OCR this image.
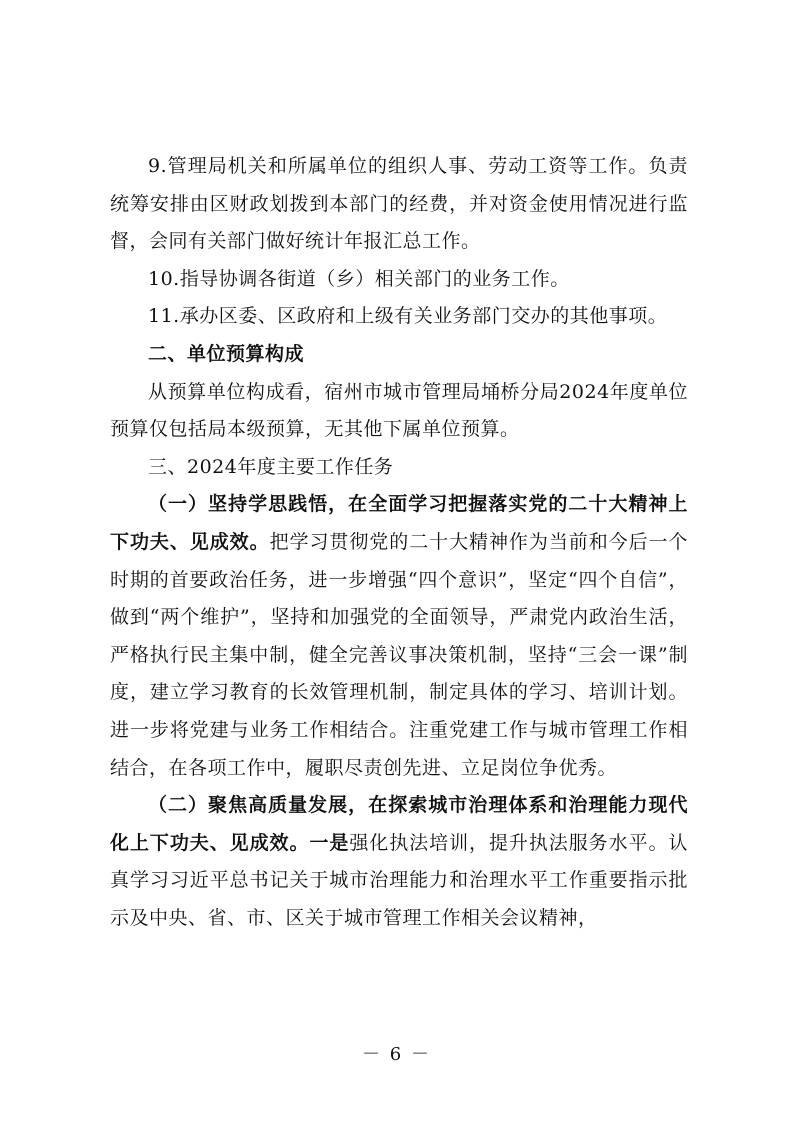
9.管理局机关和所属单位的组织人事、劳动工资等工作。负责统筹安排由区财政划拨到本部门的经费，并对资金使用情况进行监督，会同有关部门做好统计年报汇总工作。

10.指导协调各街道（乡）相关部门的业务工作。

11.承办区委、区政府和上级有关业务部门交办的其他事项。

二、单位预算构成

从预算单位构成看，宿州市城市管理局埇桥分局2024年度单位预算仅包括局本级预算，无其他下属单位预算。

三、2024年度主要工作任务

（一）坚持学思践悟，在全面学习把握落实党的二十大精神上下功夫、见成效。把学习贯彻党的二十大精神作为当前和今后一个时期的首要政治任务，进一步增强“四个意识”，坚定“四个自信”，做到“两个维护”，坚持和加强党的全面领导，严肃党内政治生活，严格执行民主集中制，健全完善议事决策机制，坚持“三会一课”制度，建立学习教育的长效管理机制，制定具体的学习、培训计划。进一步将党建与业务工作相结合。注重党建工作与城市管理工作相结合，在各项工作中，履职尽责创先进、立足岗位争优秀。

（二）聚焦高质量发展，在探索城市治理体系和治理能力现代化上下功夫、见成效。一是强化执法培训，提升执法服务水平。认真学习习近平总书记关于城市治理能力和治理水平工作重要指示批示及中央、省、市、区关于城市管理工作相关会议精神，

－ 6 －
